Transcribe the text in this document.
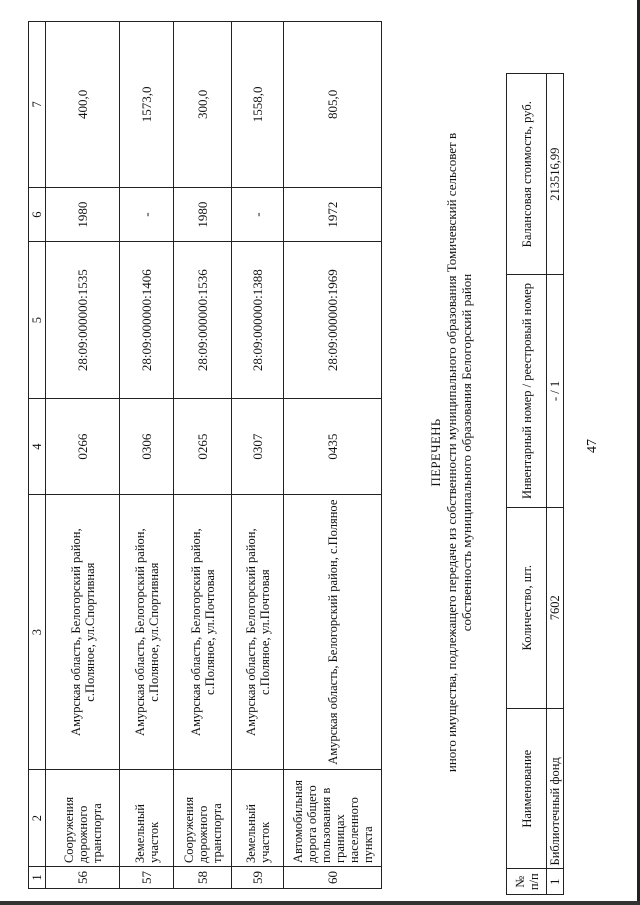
47
1	2	3	4	5	6	7
56	Сооружения дорожного транспорта	Амурская область, Белогорский район, с.Поляное, ул.Спортивная	0266	28:09:000000:1535	1980	400,0
57	Земельный участок	Амурская область, Белогорский район, с.Поляное, ул.Спортивная	0306	28:09:000000:1406	-	1573,0
58	Сооружения дорожного транспорта	Амурская область, Белогорский район, с.Поляное, ул.Почтовая	0265	28:09:000000:1536	1980	300,0
59	Земельный участок	Амурская область, Белогорский район, с.Поляное, ул.Почтовая	0307	28:09:000000:1388	-	1558,0
60	Автомобильная дорога общего пользования в границах населенного пункта	Амурская область, Белогорский район, с.Поляное	0435	28:09:000000:1969	1972	805,0
ПЕРЕЧЕНЬ иного имущества, подлежащего передаче из собственности муниципального образования Томичевский сельсовет в собственность муниципального образования Белогорский район
№ п/п	Наименование	Количество, шт.	Инвентарный номер / реестровый номер	Балансовая стоимость, руб.
1	Библиотечный фонд	7602	- / 1	213516,99
